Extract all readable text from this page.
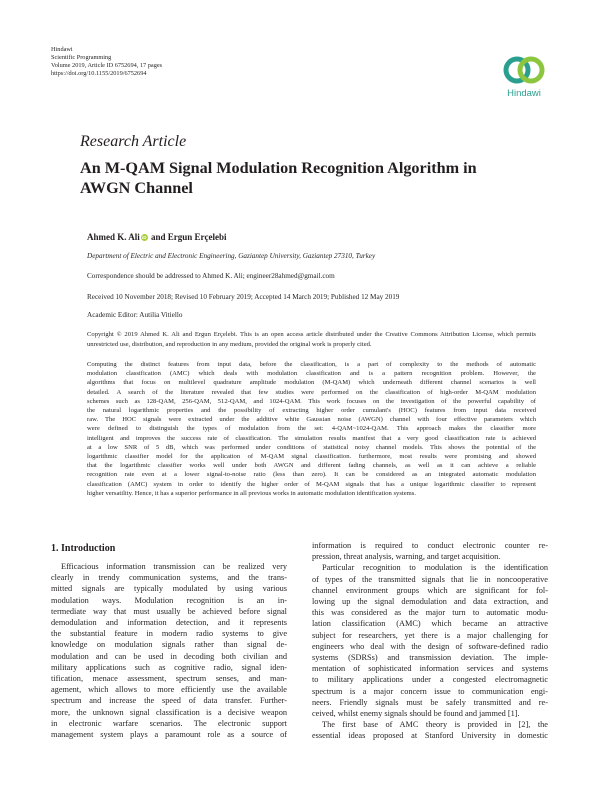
Hindawi
Scientific Programming
Volume 2019, Article ID 6752694, 17 pages
https://doi.org/10.1155/2019/6752694
Hindawi
Research Article
An M-QAM Signal Modulation Recognition Algorithm in
AWGN Channel
Ahmed K. Ali iD and Ergun Erçelebi
Department of Electric and Electronic Engineering, Gaziantep University, Gaziantep 27310, Turkey
Correspondence should be addressed to Ahmed K. Ali; engineer28ahmed@gmail.com
Received 10 November 2018; Revised 10 February 2019; Accepted 14 March 2019; Published 12 May 2019
Academic Editor: Autilia Vitiello
Copyright © 2019 Ahmed K. Ali and Ergun Erçelebi. This is an open access article distributed under the Creative Commons Attribution License, which permits unrestricted use, distribution, and reproduction in any medium, provided the original work is properly cited.
Computing the distinct features from input data, before the classification, is a part of complexity to the methods of automatic
modulation classification (AMC) which deals with modulation classification and is a pattern recognition problem. However, the
algorithms that focus on multilevel quadrature amplitude modulation (M-QAM) which underneath different channel scenarios is well
detailed. A search of the literature revealed that few studies were performed on the classification of high-order M-QAM modulation
schemes such as 128-QAM, 256-QAM, 512-QAM, and 1024-QAM. This work focuses on the investigation of the powerful capability of
the natural logarithmic properties and the possibility of extracting higher order cumulant's (HOC) features from input data received
raw. The HOC signals were extracted under the additive white Gaussian noise (AWGN) channel with four effective parameters which
were defined to distinguish the types of modulation from the set: 4-QAM~1024-QAM. This approach makes the classifier more
intelligent and improves the success rate of classification. The simulation results manifest that a very good classification rate is achieved
at a low SNR of 5 dB, which was performed under conditions of statistical noisy channel models. This shows the potential of the
logarithmic classifier model for the application of M-QAM signal classification. furthermore, most results were promising and showed
that the logarithmic classifier works well under both AWGN and different fading channels, as well as it can achieve a reliable
recognition rate even at a lower signal-to-noise ratio (less than zero). It can be considered as an integrated automatic modulation
classification (AMC) system in order to identify the higher order of M-QAM signals that has a unique logarithmic classifier to represent
higher versatility. Hence, it has a superior performance in all previous works in automatic modulation identification systems.
1. Introduction
Efficacious information transmission can be realized very
clearly in trendy communication systems, and the trans-
mitted signals are typically modulated by using various
modulation ways. Modulation recognition is an in-
termediate way that must usually be achieved before signal
demodulation and information detection, and it represents
the substantial feature in modern radio systems to give
knowledge on modulation signals rather than signal de-
modulation and can be used in decoding both civilian and
military applications such as cognitive radio, signal iden-
tification, menace assessment, spectrum senses, and man-
agement, which allows to more efficiently use the available
spectrum and increase the speed of data transfer. Further-
more, the unknown signal classification is a decisive weapon
in electronic warfare scenarios. The electronic support
management system plays a paramount role as a source of
information is required to conduct electronic counter re-
pression, threat analysis, warning, and target acquisition.
Particular recognition to modulation is the identification
of types of the transmitted signals that lie in noncooperative
channel environment groups which are significant for fol-
lowing up the signal demodulation and data extraction, and
this was considered as the major turn to automatic modu-
lation classification (AMC) which became an attractive
subject for researchers, yet there is a major challenging for
engineers who deal with the design of software-defined radio
systems (SDRSs) and transmission deviation. The imple-
mentation of sophisticated information services and systems
to military applications under a congested electromagnetic
spectrum is a major concern issue to communication engi-
neers. Friendly signals must be safely transmitted and re-
ceived, whilst enemy signals should be found and jammed [1].
The first base of AMC theory is provided in [2], the
essential ideas proposed at Stanford University in domestic
